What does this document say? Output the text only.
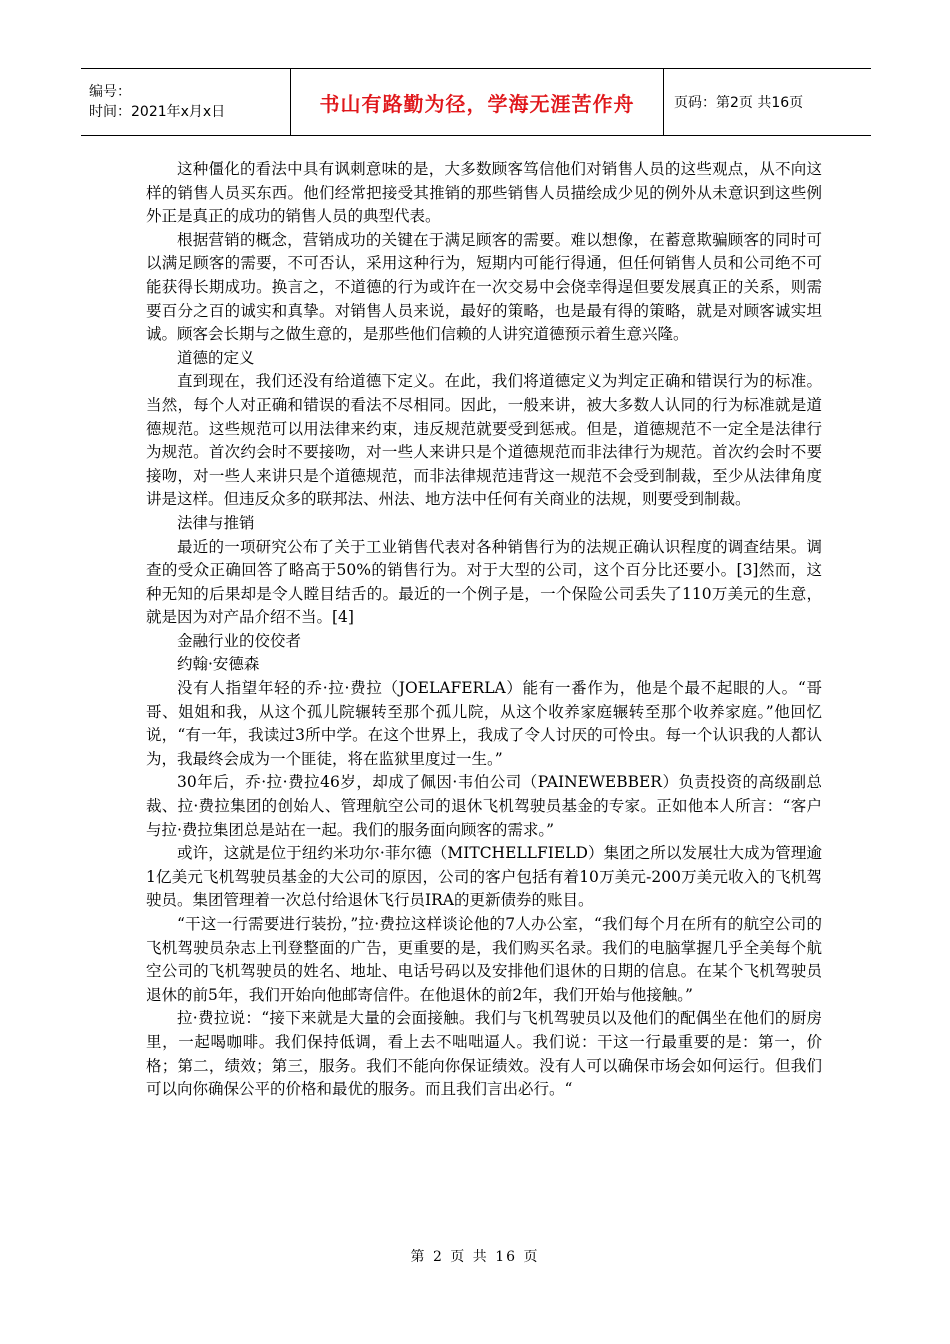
编号：
时间：2021年x月x日	书山有路勤为径，学海无涯苦作舟	页码：第2页 共16页

这种僵化的看法中具有讽刺意味的是，大多数顾客笃信他们对销售人员的这些观点，从不向这样的销售人员买东西。他们经常把接受其推销的那些销售人员描绘成少见的例外从未意识到这些例外正是真正的成功的销售人员的典型代表。

根据营销的概念，营销成功的关键在于满足顾客的需要。难以想像，在蓄意欺骗顾客的同时可以满足顾客的需要，不可否认，采用这种行为，短期内可能行得通，但任何销售人员和公司绝不可能获得长期成功。换言之，不道德的行为或许在一次交易中会侥幸得逞但要发展真正的关系，则需要百分之百的诚实和真挚。对销售人员来说，最好的策略，也是最有得的策略，就是对顾客诚实坦诚。顾客会长期与之做生意的，是那些他们信赖的人讲究道德预示着生意兴隆。

道德的定义

直到现在，我们还没有给道德下定义。在此，我们将道德定义为判定正确和错误行为的标准。当然，每个人对正确和错误的看法不尽相同。因此，一般来讲，被大多数人认同的行为标准就是道德规范。这些规范可以用法律来约束，违反规范就要受到惩戒。但是，道德规范不一定全是法律行为规范。首次约会时不要接吻，对一些人来讲只是个道德规范而非法律行为规范。首次约会时不要接吻，对一些人来讲只是个道德规范，而非法律规范违背这一规范不会受到制裁，至少从法律角度讲是这样。但违反众多的联邦法、州法、地方法中任何有关商业的法规，则要受到制裁。

法律与推销

最近的一项研究公布了关于工业销售代表对各种销售行为的法规正确认识程度的调查结果。调查的受众正确回答了略高于50%的销售行为。对于大型的公司，这个百分比还要小。[3]然而，这种无知的后果却是令人瞠目结舌的。最近的一个例子是，一个保险公司丢失了110万美元的生意，就是因为对产品介绍不当。[4]

金融行业的佼佼者

约翰·安德森

没有人指望年轻的乔·拉·费拉（JOELAFERLA）能有一番作为，他是个最不起眼的人。“哥哥、姐姐和我，从这个孤儿院辗转至那个孤儿院，从这个收养家庭辗转至那个收养家庭。”他回忆说，“有一年，我读过3所中学。在这个世界上，我成了令人讨厌的可怜虫。每一个认识我的人都认为，我最终会成为一个匪徒，将在监狱里度过一生。”

30年后，乔·拉·费拉46岁，却成了佩因·韦伯公司（PAINEWEBBER）负责投资的高级副总裁、拉·费拉集团的创始人、管理航空公司的退休飞机驾驶员基金的专家。正如他本人所言：“客户与拉·费拉集团总是站在一起。我们的服务面向顾客的需求。”

或许，这就是位于纽约米功尔·菲尔德（MITCHELLFIELD）集团之所以发展壮大成为管理逾1亿美元飞机驾驶员基金的大公司的原因，公司的客户包括有着10万美元-200万美元收入的飞机驾驶员。集团管理着一次总付给退休飞行员IRA的更新债券的账目。

“干这一行需要进行装扮，”拉·费拉这样谈论他的7人办公室，“我们每个月在所有的航空公司的飞机驾驶员杂志上刊登整面的广告，更重要的是，我们购买名录。我们的电脑掌握几乎全美每个航空公司的飞机驾驶员的姓名、地址、电话号码以及安排他们退休的日期的信息。在某个飞机驾驶员退休的前5年，我们开始向他邮寄信件。在他退休的前2年，我们开始与他接触。”

拉·费拉说：“接下来就是大量的会面接触。我们与飞机驾驶员以及他们的配偶坐在他们的厨房里，一起喝咖啡。我们保持低调，看上去不咄咄逼人。我们说：干这一行最重要的是：第一，价格；第二，绩效；第三，服务。我们不能向你保证绩效。没有人可以确保市场会如何运行。但我们可以向你确保公平的价格和最优的服务。而且我们言出必行。“

第 2 页 共 16 页
